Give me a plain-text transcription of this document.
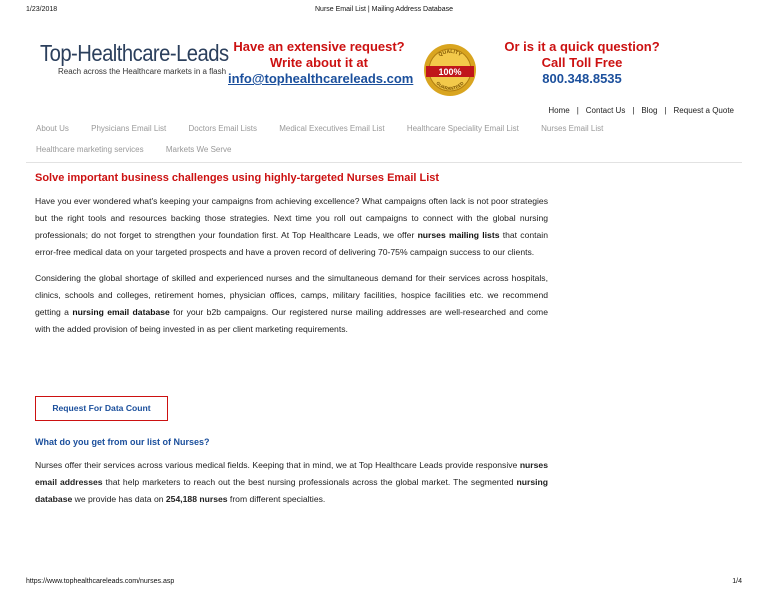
1/23/2018	Nurse Email List | Mailing Address Database
Top-Healthcare-Leads
Reach across the Healthcare markets in a flash
Have an extensive request?
Write about it at
info@tophealthcareleads.com
QUALITY
100%
GUARANTEED
Or is it a quick question?
Call Toll Free
800.348.8535
Home | Contact Us | Blog | Request a Quote
About Us	Physicians Email List	Doctors Email Lists	Medical Executives Email List	Healthcare Speciality Email List	Nurses Email List
Healthcare marketing services	Markets We Serve
Solve important business challenges using highly-targeted Nurses Email List

Have you ever wondered what's keeping your campaigns from achieving excellence? What campaigns often lack is not poor strategies but the right tools and resources backing those strategies. Next time you roll out campaigns to connect with the global nursing professionals; do not forget to strengthen your foundation first. At Top Healthcare Leads, we offer nurses mailing lists that contain error-free medical data on your targeted prospects and have a proven record of delivering 70-75% campaign success to our clients.

Considering the global shortage of skilled and experienced nurses and the simultaneous demand for their services across hospitals, clinics, schools and colleges, retirement homes, physician offices, camps, military facilities, hospice facilities etc. we recommend getting a nursing email database for your b2b campaigns. Our registered nurse mailing addresses are well-researched and come with the added provision of being invested in as per client marketing requirements.

Request For Data Count
What do you get from our list of Nurses?

Nurses offer their services across various medical fields. Keeping that in mind, we at Top Healthcare Leads provide responsive nurses email addresses that help marketers to reach out the best nursing professionals across the global market. The segmented nursing database we provide has data on 254,188 nurses from different specialties.

https://www.tophealthcareleads.com/nurses.asp	1/4
